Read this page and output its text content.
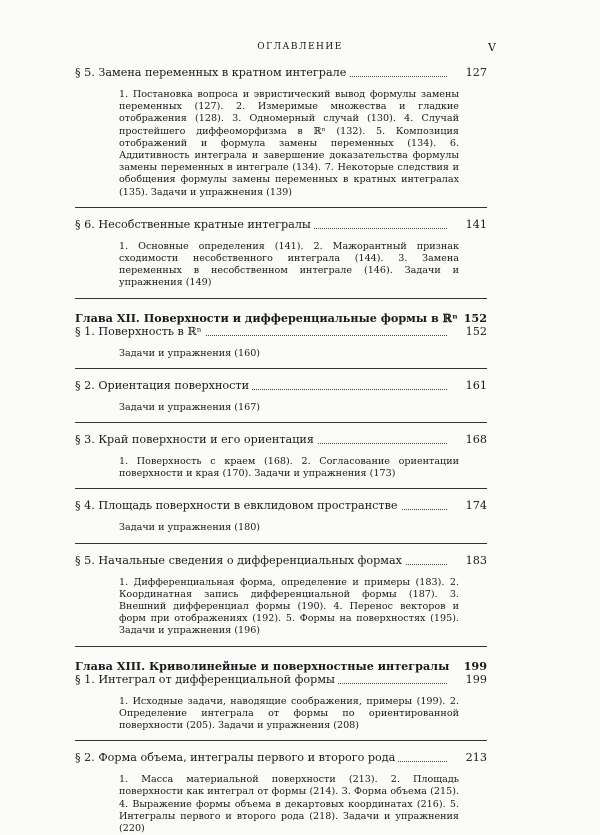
ОГЛАВЛЕНИЕ	V
§ 5. Замена переменных в кратном интеграле	127
1. Постановка вопроса и эвристический вывод формулы замены переменных (127). 2. Измеримые множества и гладкие отображения (128). 3. Одномерный случай (130). 4. Случай простейшего диффеоморфизма в ℝⁿ (132). 5. Композиция отображений и формула замены переменных (134). 6. Аддитивность интеграла и завершение доказательства формулы замены переменных в интеграле (134). 7. Некоторые следствия и обобщения формулы замены переменных в кратных интегралах (135). Задачи и упражнения (139)
§ 6. Несобственные кратные интегралы	141
1. Основные определения (141). 2. Мажорантный признак сходимости несобственного интеграла (144). 3. Замена переменных в несобственном интеграле (146). Задачи и упражнения (149)
Глава XII. Поверхности и дифференциальные формы в ℝⁿ 152
§ 1. Поверхность в ℝⁿ	152
Задачи и упражнения (160)
§ 2. Ориентация поверхности	161
Задачи и упражнения (167)
§ 3. Край поверхности и его ориентация	168
1. Поверхность с краем (168). 2. Согласование ориентации поверхности и края (170). Задачи и упражнения (173)
§ 4. Площадь поверхности в евклидовом пространстве	174
Задачи и упражнения (180)
§ 5. Начальные сведения о дифференциальных формах	183
1. Дифференциальная форма, определение и примеры (183). 2. Координатная запись дифференциальной формы (187). 3. Внешний дифференциал формы (190). 4. Перенос векторов и форм при отображениях (192). 5. Формы на поверхностях (195). Задачи и упражнения (196)
Глава XIII. Криволинейные и поверхностные интегралы 199
§ 1. Интеграл от дифференциальной формы	199
1. Исходные задачи, наводящие соображения, примеры (199). 2. Определение интеграла от формы по ориентированной поверхности (205). Задачи и упражнения (208)
§ 2. Форма объема, интегралы первого и второго рода	213
1. Масса материальной поверхности (213). 2. Площадь поверхности как интеграл от формы (214). 3. Форма объема (215). 4. Выражение формы объема в декартовых координатах (216). 5. Интегралы первого и второго рода (218). Задачи и упражнения (220)
